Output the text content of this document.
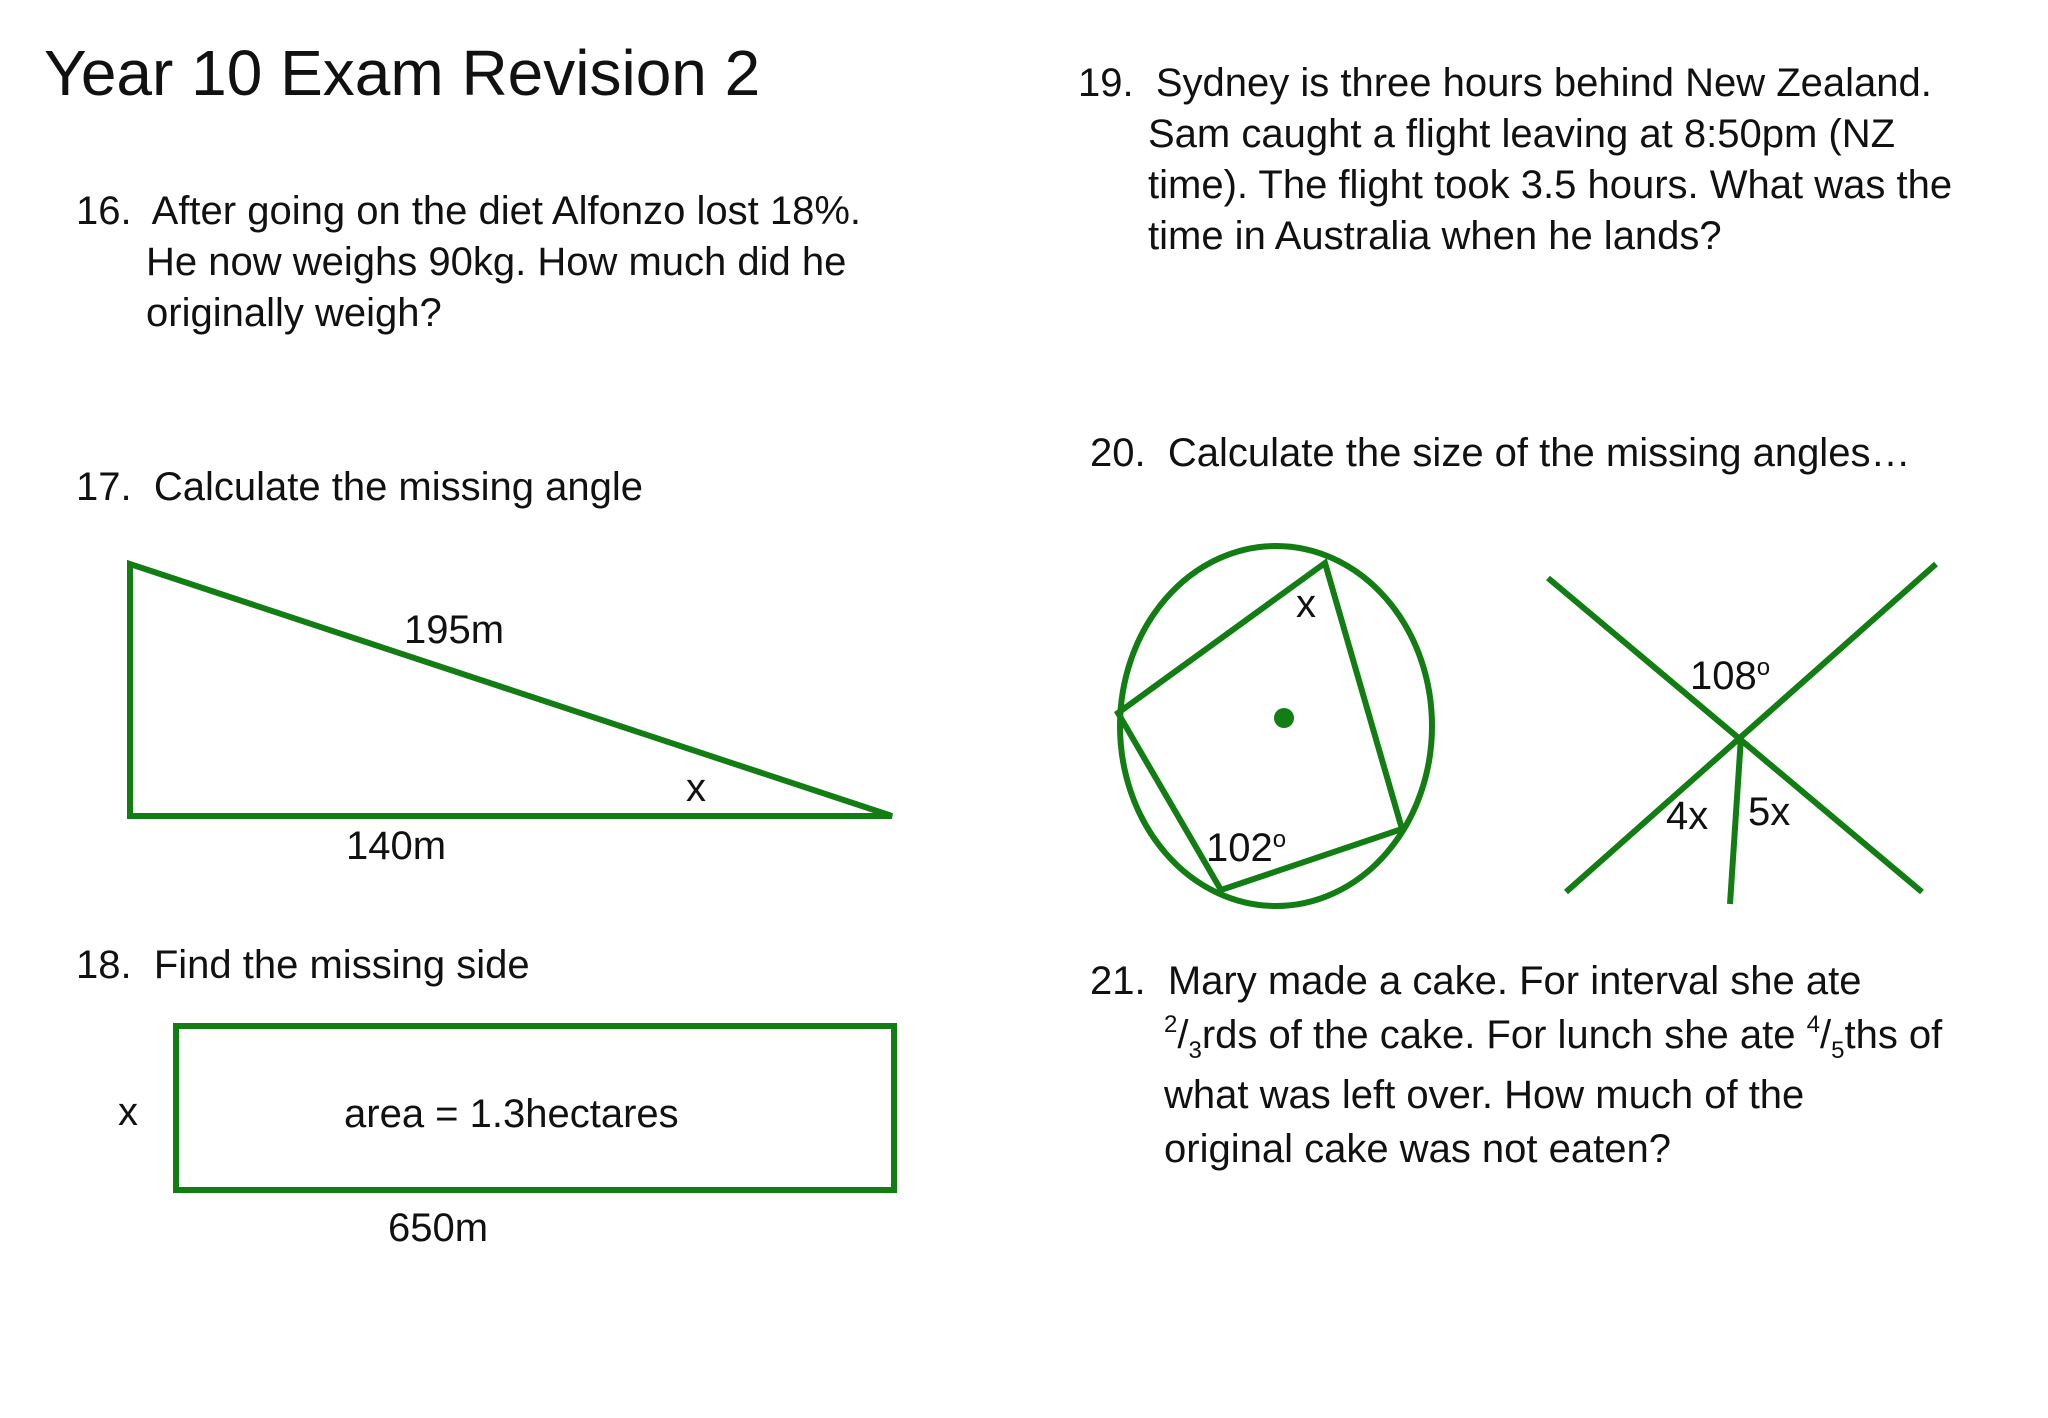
Year 10 Exam Revision 2
16. After going on the diet Alfonzo lost 18%.
He now weighs 90kg. How much did he
originally weigh?
17. Calculate the missing angle
18. Find the missing side
19. Sydney is three hours behind New Zealand.
Sam caught a flight leaving at 8:50pm (NZ
time). The flight took 3.5 hours. What was the
time in Australia when he lands?
20. Calculate the size of the missing angles…
21. Mary made a cake. For interval she ate
$^2/_3rds$ of the cake. For lunch she ate $^4/_5ths$ of
what was left over. How much of the
original cake was not eaten?
195m
x
140m
x	area = 1.3hectares
650m
x
102$^o$
108$^o$
4x 5x
